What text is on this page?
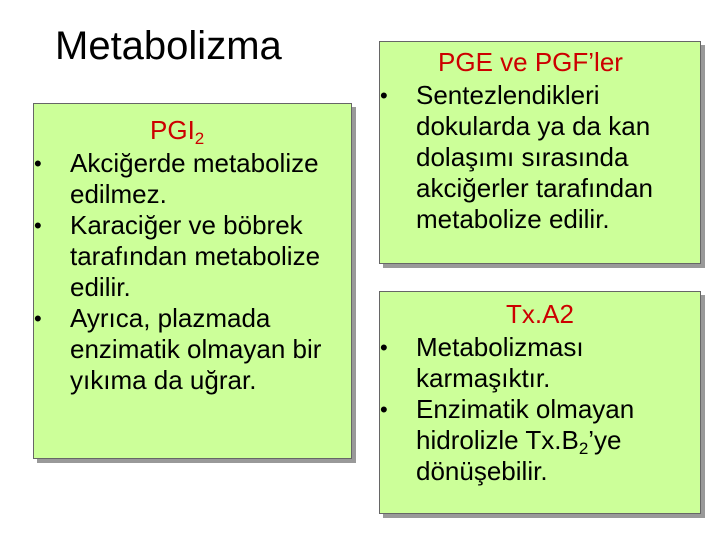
Metabolizma
$PGI_2$
• Akciğerde metabolize edilmez.
• Karaciğer ve böbrek tarafından metabolize edilir.
• Ayrıca, plazmada enzimatik olmayan bir yıkıma da uğrar.
PGE ve PGF’ler
• Sentezlendikleri dokularda ya da kan dolaşımı sırasında akciğerler tarafından metabolize edilir.
Tx.A2
• Metabolizması karmaşıktır.
• Enzimatik olmayan hidrolizle $Tx.B_2’ye$ dönüşebilir.
